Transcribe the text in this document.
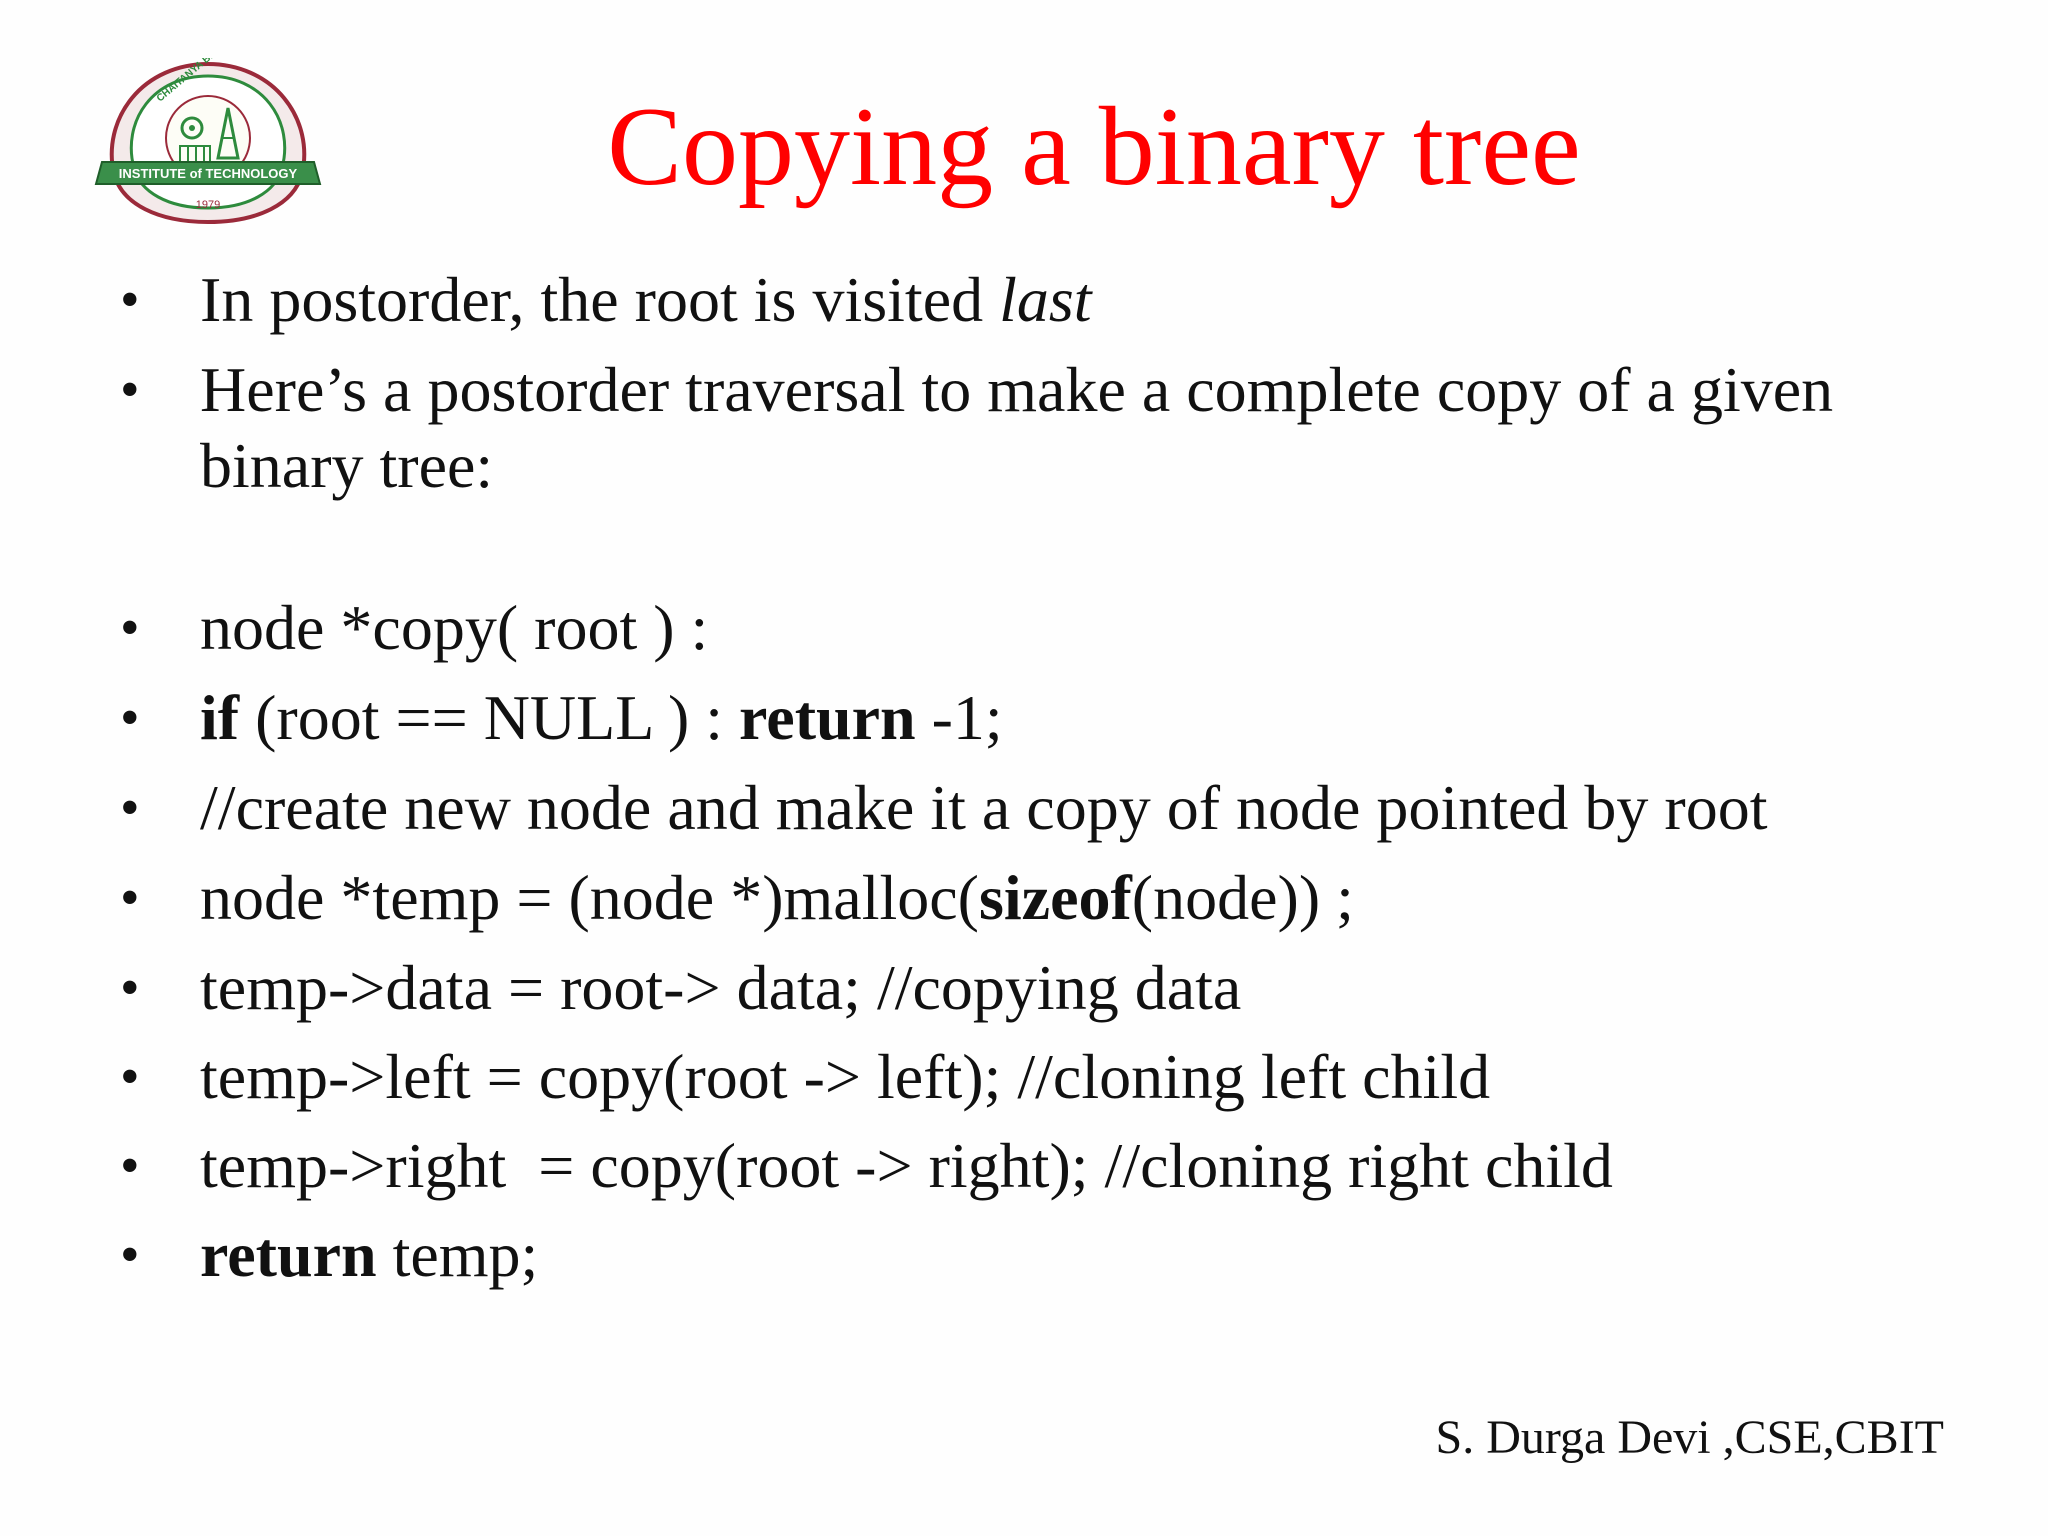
INSTITUTE of TECHNOLOGY
1979	Copying a binary tree
• In postorder, the root is visited last
• Here’s a postorder traversal to make a complete copy of a given binary tree:
• node *copy( root ) :
• if (root == NULL ) : return -1;
• //create new node and make it a copy of node pointed by root
• node *temp = (node *)malloc(sizeof(node)) ;
• temp->data = root-> data; //copying data
• temp->left = copy(root -> left); //cloning left child
• temp->right  = copy(root -> right); //cloning right child
• return temp;
S. Durga Devi ,CSE,CBIT
